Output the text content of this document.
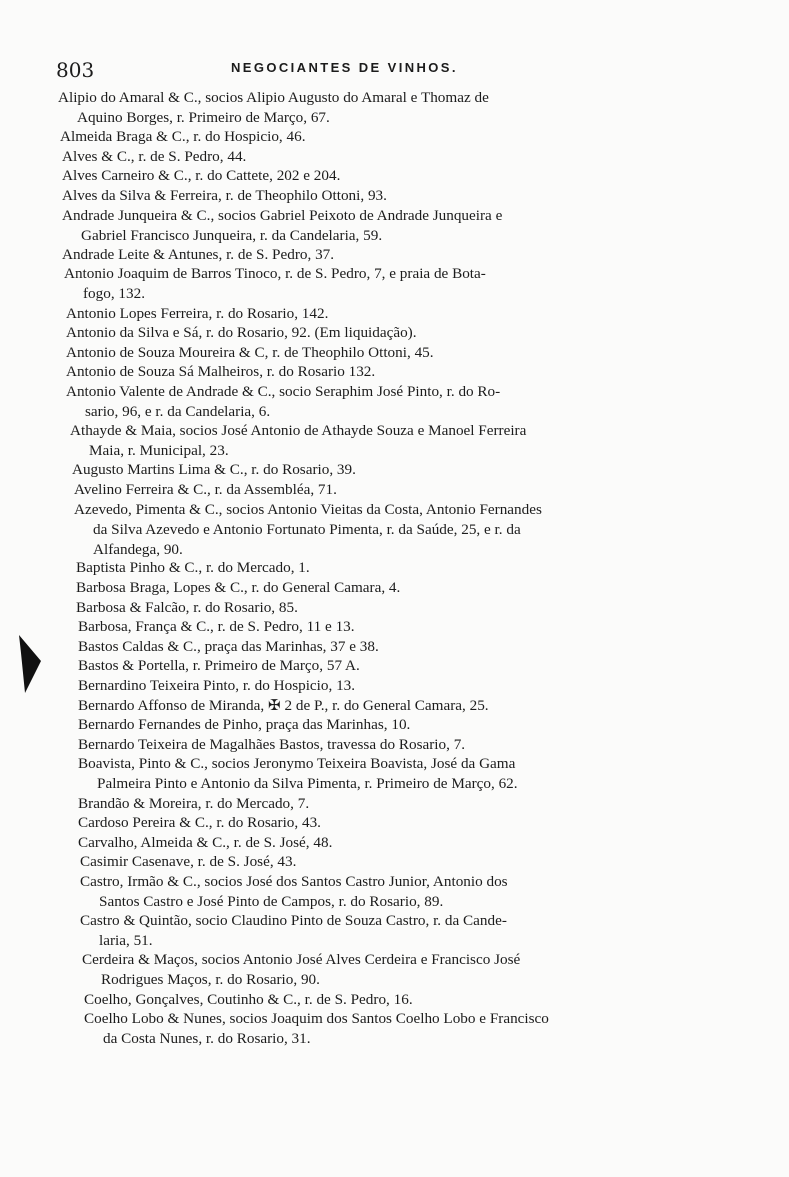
803	NEGOCIANTES DE VINHOS.
Alipio do Amaral & C., socios Alipio Augusto do Amaral e Thomaz de
Aquino Borges, r. Primeiro de Março, 67.
Almeida Braga & C., r. do Hospicio, 46.
Alves & C., r. de S. Pedro, 44.
Alves Carneiro & C., r. do Cattete, 202 e 204.
Alves da Silva & Ferreira, r. de Theophilo Ottoni, 93.
Andrade Junqueira & C., socios Gabriel Peixoto de Andrade Junqueira e
Gabriel Francisco Junqueira, r. da Candelaria, 59.
Andrade Leite & Antunes, r. de S. Pedro, 37.
Antonio Joaquim de Barros Tinoco, r. de S. Pedro, 7, e praia de Bota-
fogo, 132.
Antonio Lopes Ferreira, r. do Rosario, 142.
Antonio da Silva e Sá, r. do Rosario, 92. (Em liquidação).
Antonio de Souza Moureira & C, r. de Theophilo Ottoni, 45.
Antonio de Souza Sá Malheiros, r. do Rosario 132.
Antonio Valente de Andrade & C., socio Seraphim José Pinto, r. do Ro-
sario, 96, e r. da Candelaria, 6.
Athayde & Maia, socios José Antonio de Athayde Souza e Manoel Ferreira
Maia, r. Municipal, 23.
Augusto Martins Lima & C., r. do Rosario, 39.
Avelino Ferreira & C., r. da Assembléa, 71.
Azevedo, Pimenta & C., socios Antonio Vieitas da Costa, Antonio Fernandes
da Silva Azevedo e Antonio Fortunato Pimenta, r. da Saúde, 25, e r. da
Alfandega, 90.
Baptista Pinho & C., r. do Mercado, 1.
Barbosa Braga, Lopes & C., r. do General Camara, 4.
Barbosa & Falcão, r. do Rosario, 85.
Barbosa, França & C., r. de S. Pedro, 11 e 13.
Bastos Caldas & C., praça das Marinhas, 37 e 38.
Bastos & Portella, r. Primeiro de Março, 57 A.
Bernardino Teixeira Pinto, r. do Hospicio, 13.
Bernardo Affonso de Miranda, ✠ 2 de P., r. do General Camara, 25.
Bernardo Fernandes de Pinho, praça das Marinhas, 10.
Bernardo Teixeira de Magalhães Bastos, travessa do Rosario, 7.
Boavista, Pinto & C., socios Jeronymo Teixeira Boavista, José da Gama
Palmeira Pinto e Antonio da Silva Pimenta, r. Primeiro de Março, 62.
Brandão & Moreira, r. do Mercado, 7.
Cardoso Pereira & C., r. do Rosario, 43.
Carvalho, Almeida & C., r. de S. José, 48.
Casimir Casenave, r. de S. José, 43.
Castro, Irmão & C., socios José dos Santos Castro Junior, Antonio dos
Santos Castro e José Pinto de Campos, r. do Rosario, 89.
Castro & Quintão, socio Claudino Pinto de Souza Castro, r. da Cande-
laria, 51.
Cerdeira & Maços, socios Antonio José Alves Cerdeira e Francisco José
Rodrigues Maços, r. do Rosario, 90.
Coelho, Gonçalves, Coutinho & C., r. de S. Pedro, 16.
Coelho Lobo & Nunes, socios Joaquim dos Santos Coelho Lobo e Francisco
da Costa Nunes, r. do Rosario, 31.
